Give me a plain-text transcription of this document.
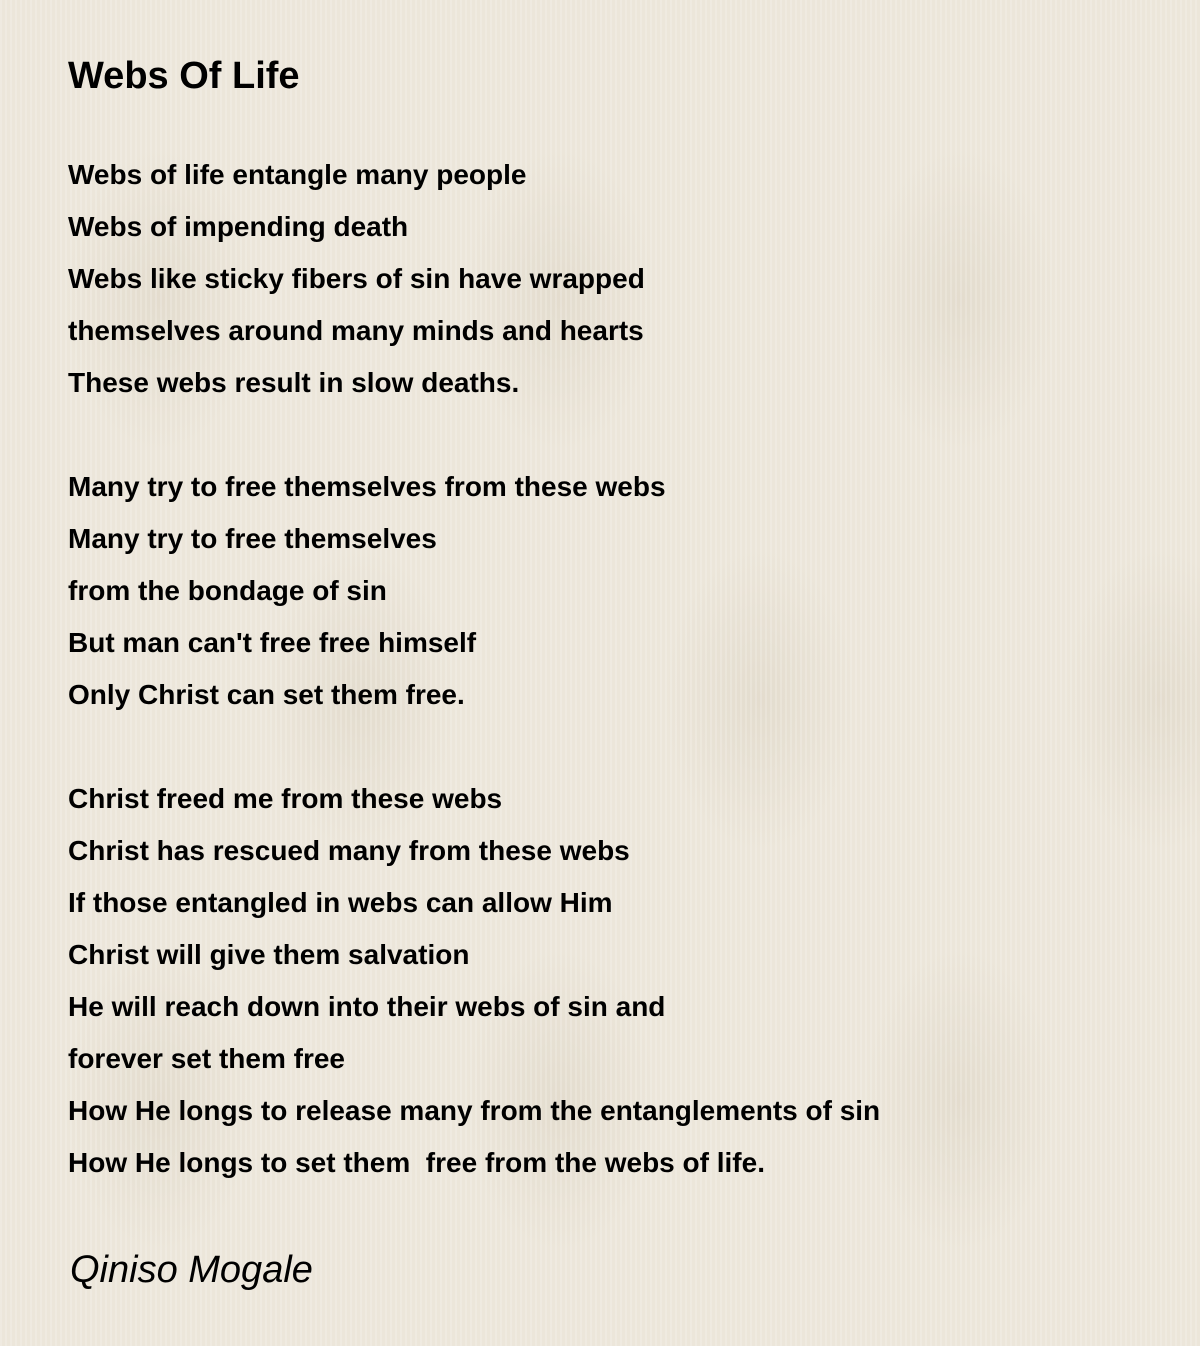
Webs Of Life
Webs of life entangle many people
Webs of impending death
Webs like sticky fibers of sin have wrapped
themselves around many minds and hearts
These webs result in slow deaths.
Many try to free themselves from these webs
Many try to free themselves
from the bondage of sin
But man can't free free himself
Only Christ can set them free.
Christ freed me from these webs
Christ has rescued many from these webs
If those entangled in webs can allow Him
Christ will give them salvation
He will reach down into their webs of sin and
forever set them free
How He longs to release many from the entanglements of sin
How He longs to set them  free from the webs of life.
Qiniso Mogale
